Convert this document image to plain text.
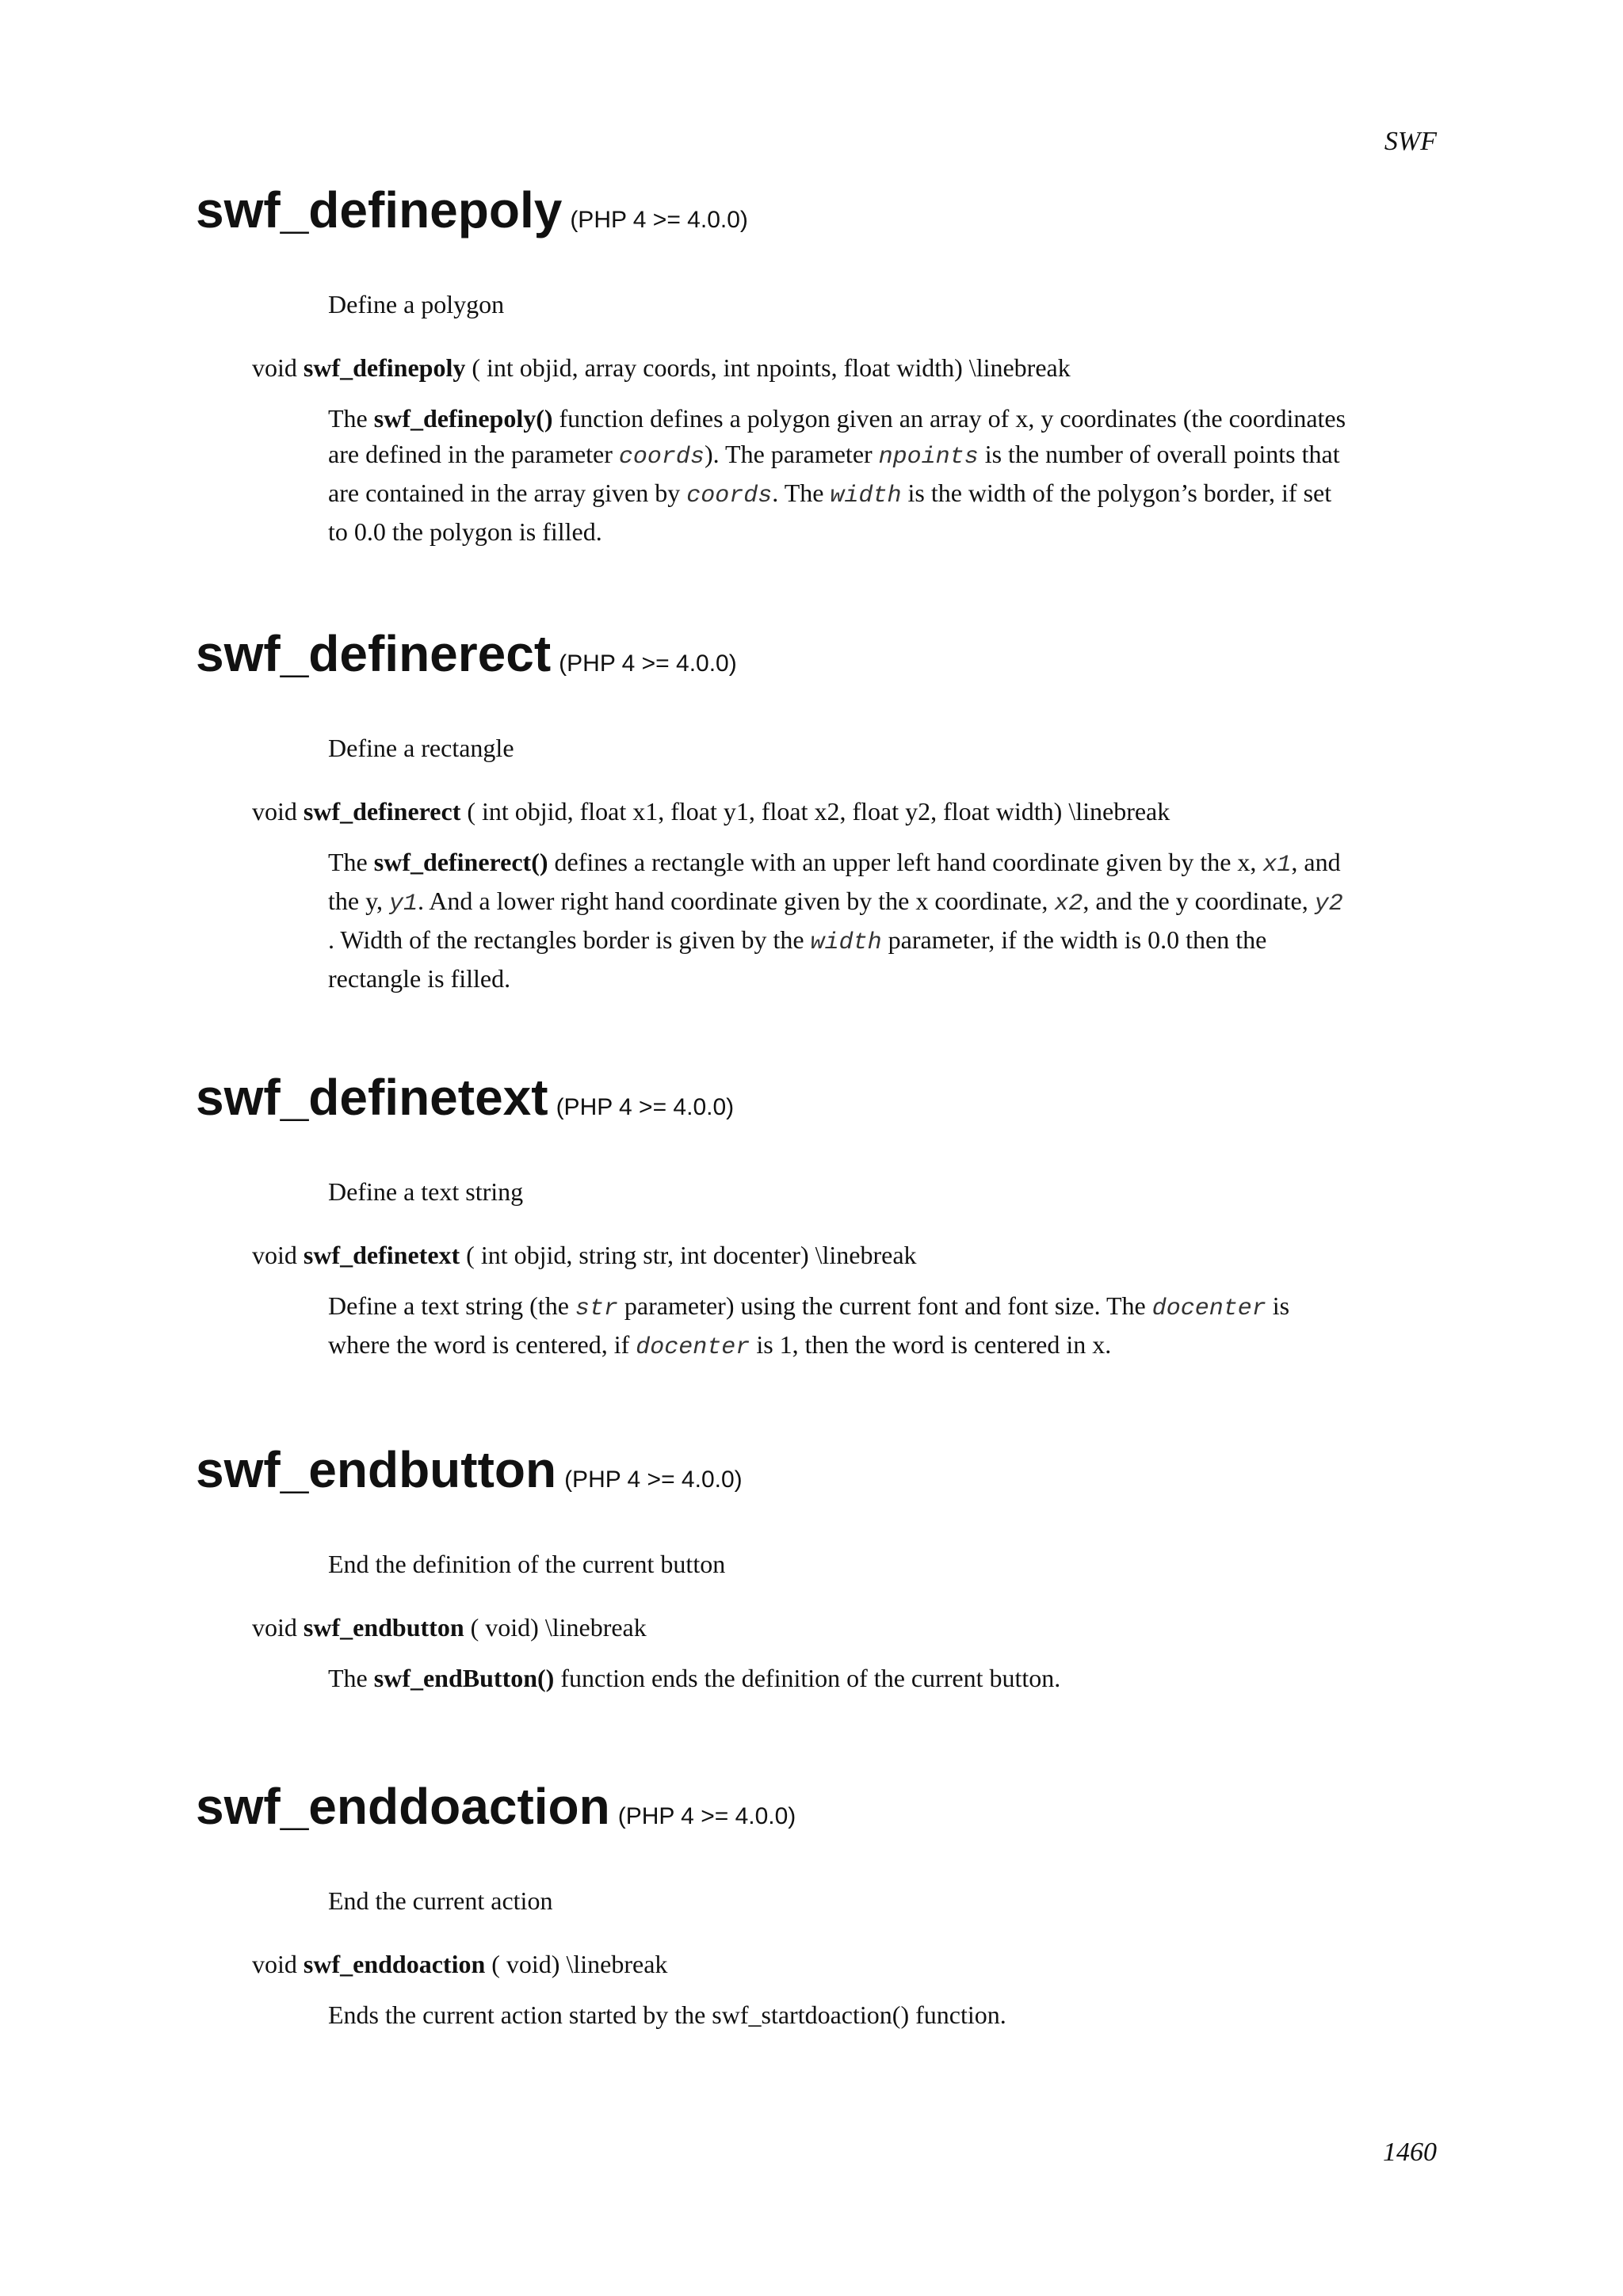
SWF
swf_definepoly (PHP 4 >= 4.0.0)
Define a polygon
void swf_definepoly ( int objid, array coords, int npoints, float width) \linebreak
The swf_definepoly() function defines a polygon given an array of x, y coordinates (the coordinates
are defined in the parameter coords). The parameter npoints is the number of overall points that
are contained in the array given by coords. The width is the width of the polygon’s border, if set
to 0.0 the polygon is filled.
swf_definerect (PHP 4 >= 4.0.0)
Define a rectangle
void swf_definerect ( int objid, float x1, float y1, float x2, float y2, float width) \linebreak
The swf_definerect() defines a rectangle with an upper left hand coordinate given by the x, x1, and
the y, y1. And a lower right hand coordinate given by the x coordinate, x2, and the y coordinate, y2
. Width of the rectangles border is given by the width parameter, if the width is 0.0 then the
rectangle is filled.
swf_definetext (PHP 4 >= 4.0.0)
Define a text string
void swf_definetext ( int objid, string str, int docenter) \linebreak
Define a text string (the str parameter) using the current font and font size. The docenter is
where the word is centered, if docenter is 1, then the word is centered in x.
swf_endbutton (PHP 4 >= 4.0.0)
End the definition of the current button
void swf_endbutton ( void) \linebreak
The swf_endButton() function ends the definition of the current button.
swf_enddoaction (PHP 4 >= 4.0.0)
End the current action
void swf_enddoaction ( void) \linebreak
Ends the current action started by the swf_startdoaction() function.
1460
